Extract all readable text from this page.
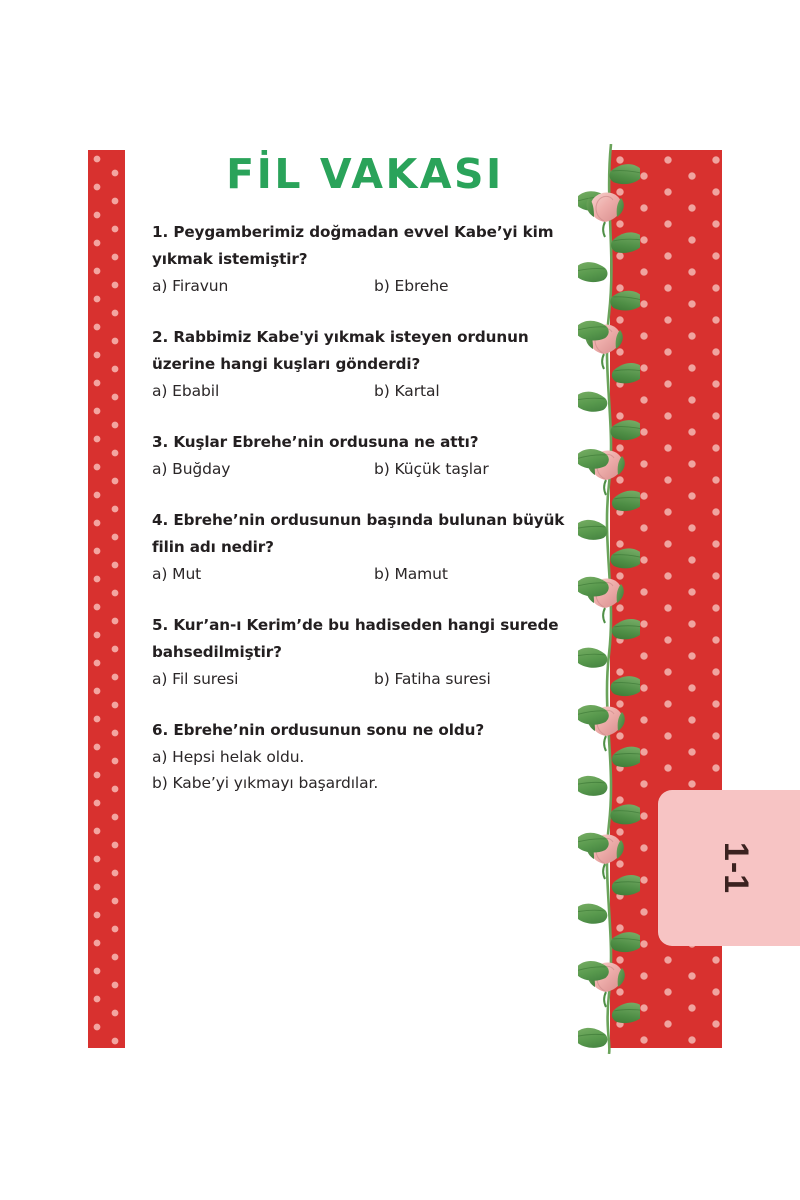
1-1
FİL VAKASI

1. Peygamberimiz doğmadan evvel Kabe’yi kim

yıkmak istemiştir?

a) Firavun	b) Ebrehe

2. Rabbimiz Kabe'yi yıkmak isteyen ordunun

üzerine hangi kuşları gönderdi?

a) Ebabil	b) Kartal

3. Kuşlar Ebrehe’nin ordusuna ne attı?

a) Buğday	b) Küçük taşlar

4. Ebrehe’nin ordusunun başında bulunan büyük

filin adı nedir?

a) Mut	b) Mamut

5. Kur’an-ı Kerim’de bu hadiseden hangi surede

bahsedilmiştir?

a) Fil suresi	b) Fatiha suresi

6. Ebrehe’nin ordusunun sonu ne oldu?

a) Hepsi helak oldu.
b) Kabe’yi yıkmayı başardılar.
